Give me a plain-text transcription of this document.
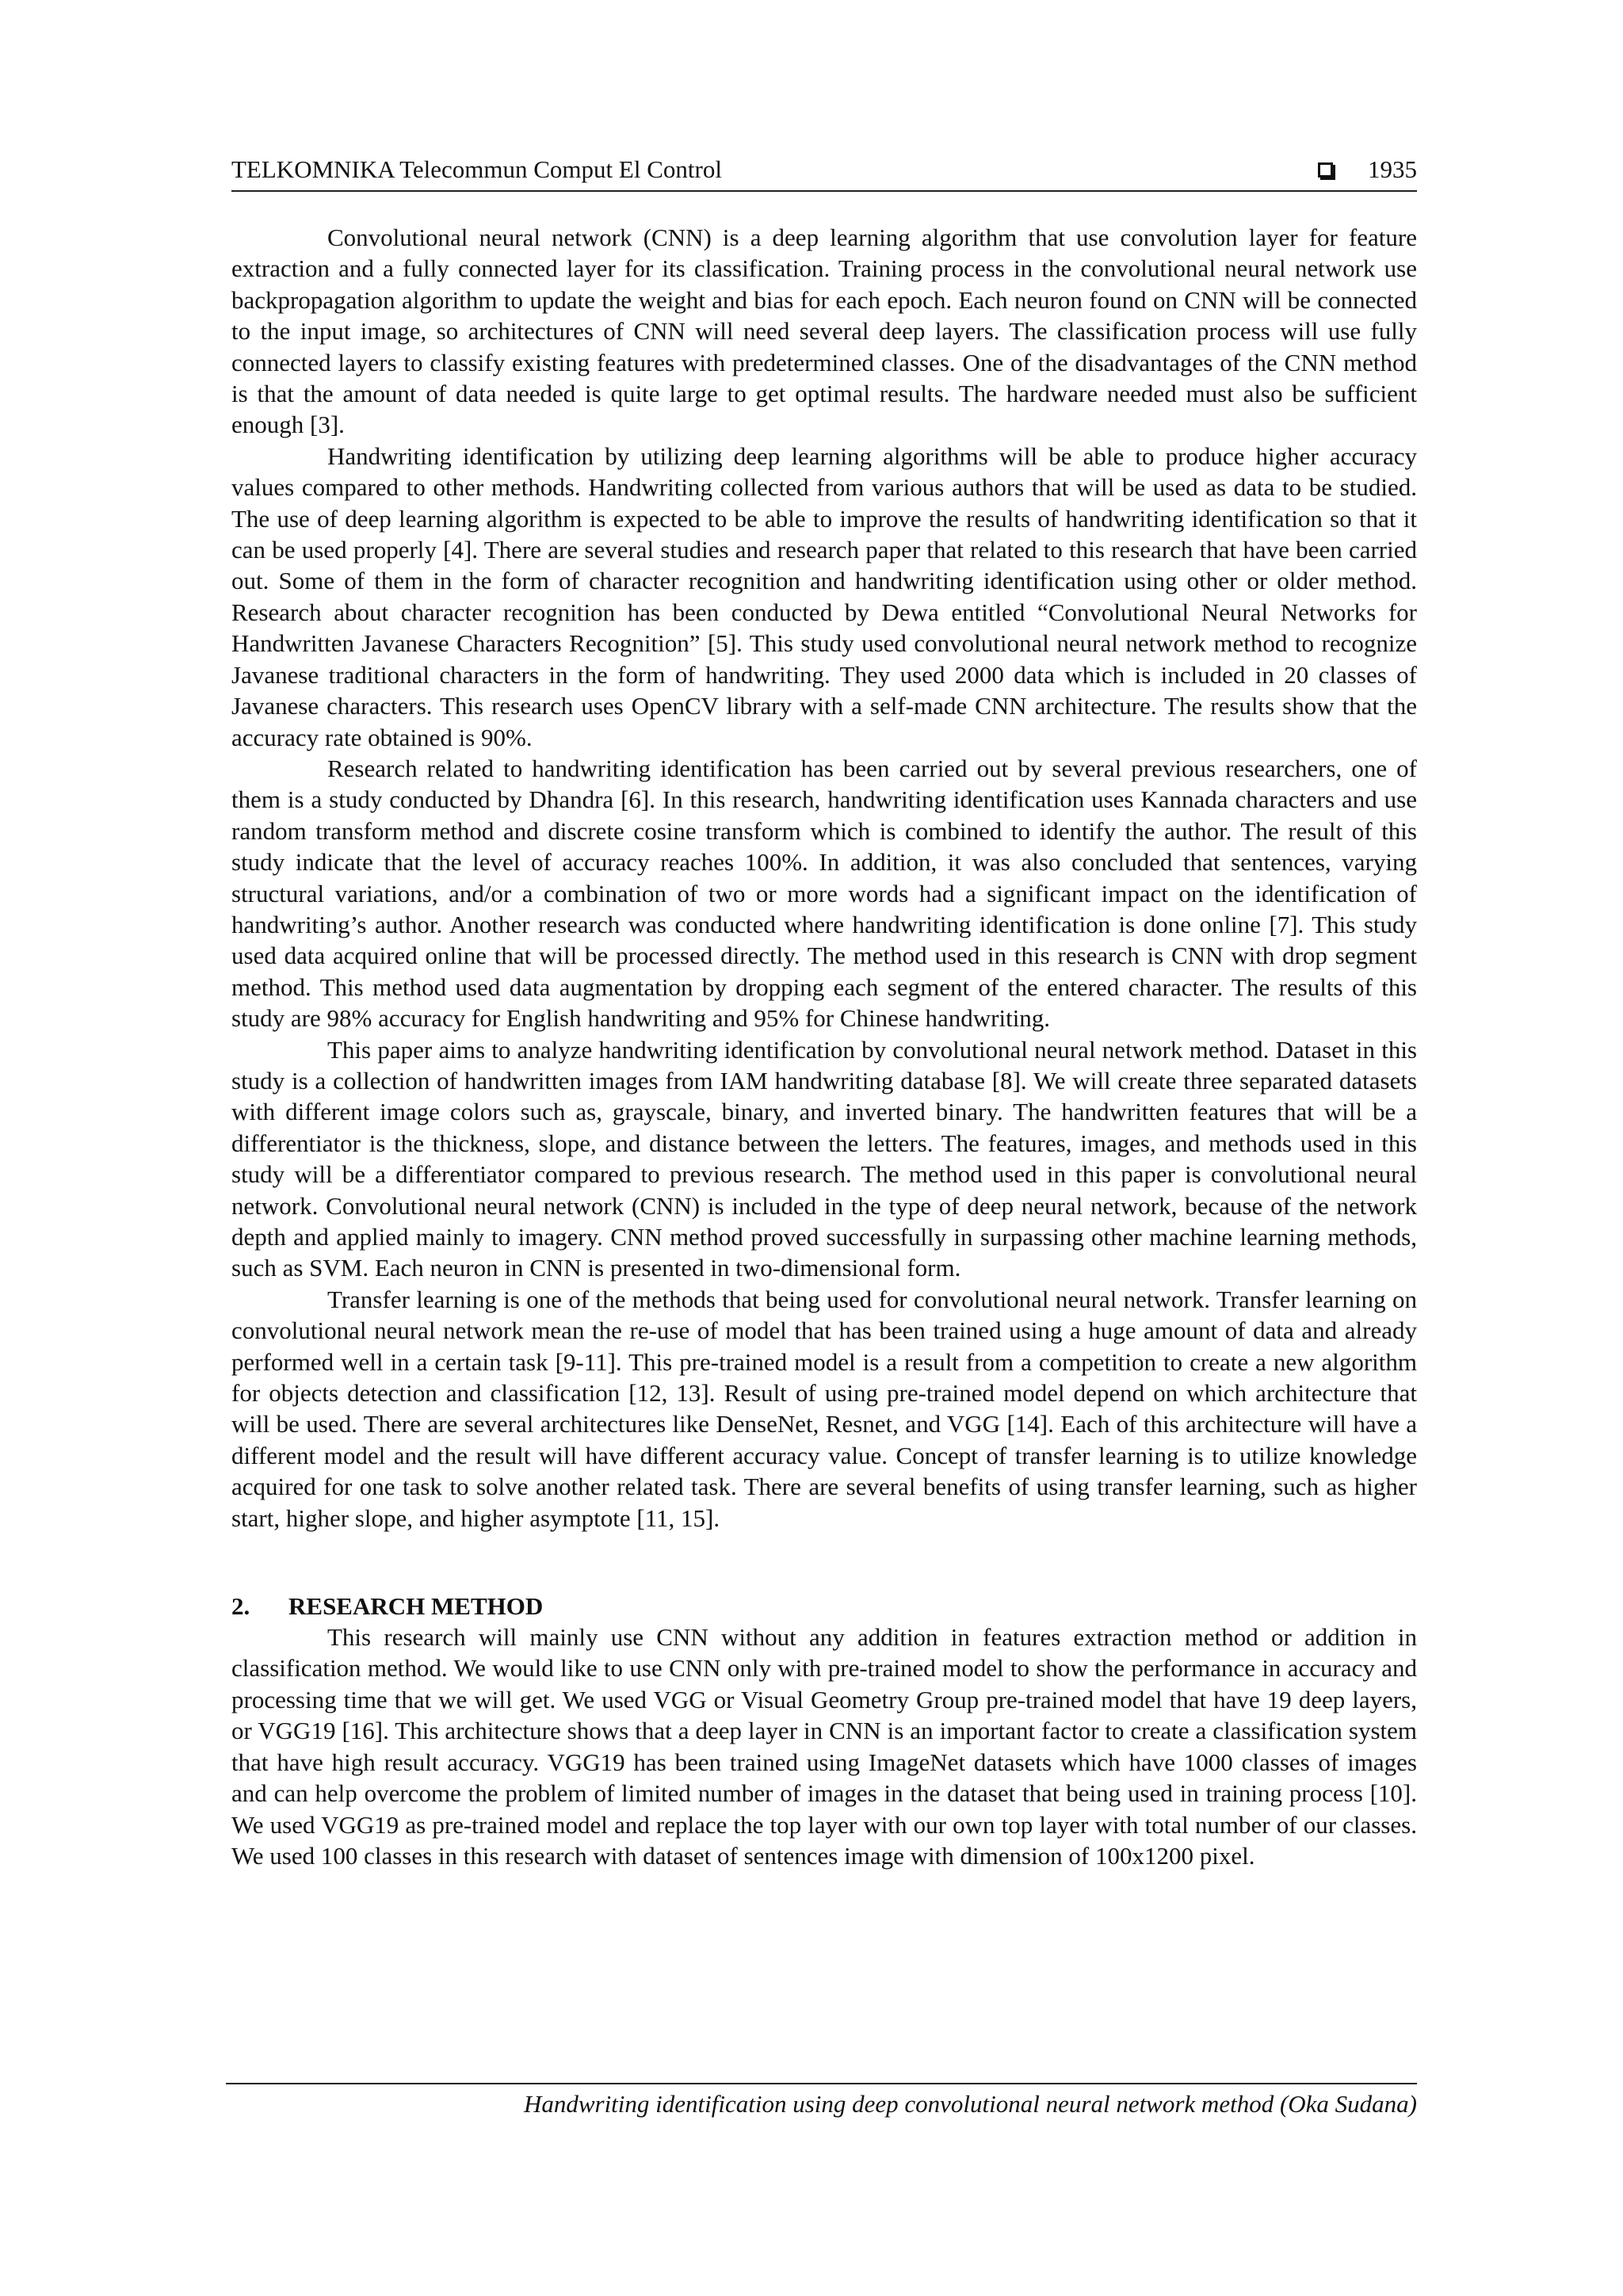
TELKOMNIKA Telecommun Comput El Control	1935

Convolutional neural network (CNN) is a deep learning algorithm that use convolution layer for feature extraction and a fully connected layer for its classification. Training process in the convolutional neural network use backpropagation algorithm to update the weight and bias for each epoch. Each neuron found on CNN will be connected to the input image, so architectures of CNN will need several deep layers. The classification process will use fully connected layers to classify existing features with predetermined classes. One of the disadvantages of the CNN method is that the amount of data needed is quite large to get optimal results. The hardware needed must also be sufficient enough [3].

Handwriting identification by utilizing deep learning algorithms will be able to produce higher accuracy values compared to other methods. Handwriting collected from various authors that will be used as data to be studied. The use of deep learning algorithm is expected to be able to improve the results of handwriting identification so that it can be used properly [4]. There are several studies and research paper that related to this research that have been carried out. Some of them in the form of character recognition and handwriting identification using other or older method. Research about character recognition has been conducted by Dewa entitled “Convolutional Neural Networks for Handwritten Javanese Characters Recognition” [5]. This study used convolutional neural network method to recognize Javanese traditional characters in the form of handwriting. They used 2000 data which is included in 20 classes of Javanese characters. This research uses OpenCV library with a self-made CNN architecture. The results show that the accuracy rate obtained is 90%.

Research related to handwriting identification has been carried out by several previous researchers, one of them is a study conducted by Dhandra [6]. In this research, handwriting identification uses Kannada characters and use random transform method and discrete cosine transform which is combined to identify the author. The result of this study indicate that the level of accuracy reaches 100%. In addition, it was also concluded that sentences, varying structural variations, and/or a combination of two or more words had a significant impact on the identification of handwriting’s author. Another research was conducted where handwriting identification is done online [7]. This study used data acquired online that will be processed directly. The method used in this research is CNN with drop segment method. This method used data augmentation by dropping each segment of the entered character. The results of this study are 98% accuracy for English handwriting and 95% for Chinese handwriting.

This paper aims to analyze handwriting identification by convolutional neural network method. Dataset in this study is a collection of handwritten images from IAM handwriting database [8]. We will create three separated datasets with different image colors such as, grayscale, binary, and inverted binary. The handwritten features that will be a differentiator is the thickness, slope, and distance between the letters. The features, images, and methods used in this study will be a differentiator compared to previous research. The method used in this paper is convolutional neural network. Convolutional neural network (CNN) is included in the type of deep neural network, because of the network depth and applied mainly to imagery. CNN method proved successfully in surpassing other machine learning methods, such as SVM. Each neuron in CNN is presented in two-dimensional form.

Transfer learning is one of the methods that being used for convolutional neural network. Transfer learning on convolutional neural network mean the re-use of model that has been trained using a huge amount of data and already performed well in a certain task [9-11]. This pre-trained model is a result from a competition to create a new algorithm for objects detection and classification [12, 13]. Result of using pre-trained model depend on which architecture that will be used. There are several architectures like DenseNet, Resnet, and VGG [14]. Each of this architecture will have a different model and the result will have different accuracy value. Concept of transfer learning is to utilize knowledge acquired for one task to solve another related task. There are several benefits of using transfer learning, such as higher start, higher slope, and higher asymptote [11, 15].

2. RESEARCH METHOD

This research will mainly use CNN without any addition in features extraction method or addition in classification method. We would like to use CNN only with pre-trained model to show the performance in accuracy and processing time that we will get. We used VGG or Visual Geometry Group pre-trained model that have 19 deep layers, or VGG19 [16]. This architecture shows that a deep layer in CNN is an important factor to create a classification system that have high result accuracy. VGG19 has been trained using ImageNet datasets which have 1000 classes of images and can help overcome the problem of limited number of images in the dataset that being used in training process [10]. We used VGG19 as pre-trained model and replace the top layer with our own top layer with total number of our classes. We used 100 classes in this research with dataset of sentences image with dimension of 100x1200 pixel.

Handwriting identification using deep convolutional neural network method (Oka Sudana)
